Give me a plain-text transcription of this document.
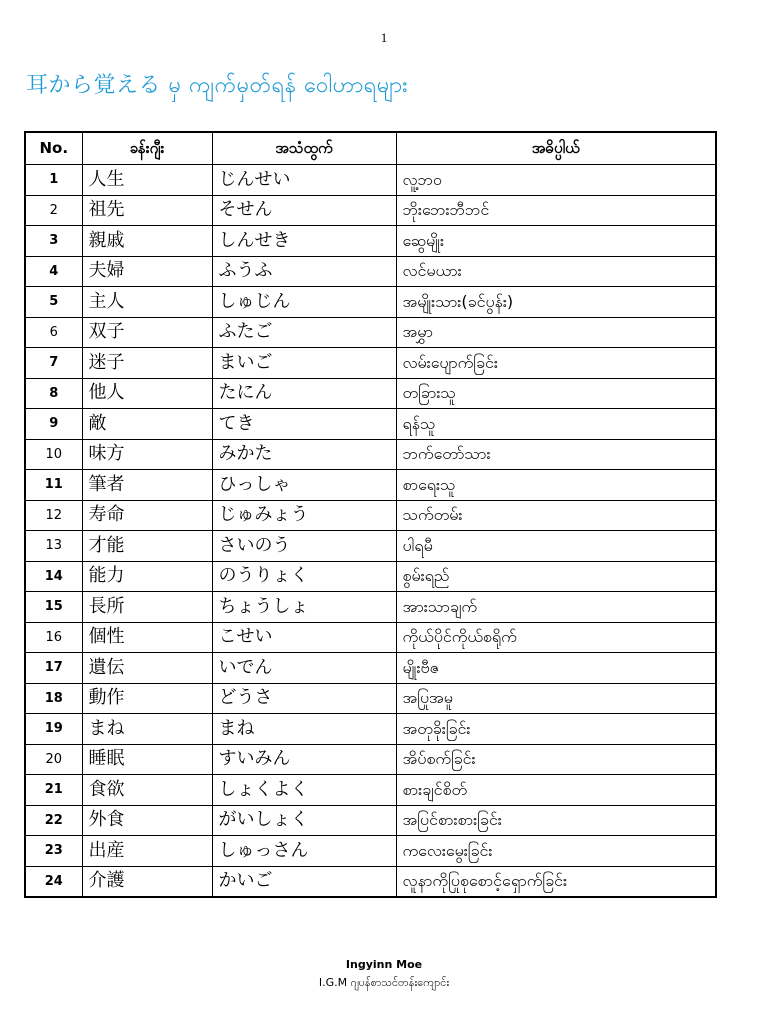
1
耳から覚える မှ ကျက်မှတ်ရန် ဝေါဟာရများ
No.	ခန်းဂျီး	အသံထွက်	အဓိပ္ပါယ်
1	人生	じんせい	လူ့ဘဝ
2	祖先	そせん	ဘိုးဘေးဘီဘင်
3	親戚	しんせき	ဆွေမျိုး
4	夫婦	ふうふ	လင်မယား
5	主人	しゅじん	အမျိုးသား(ခင်ပွန်း)
6	双子	ふたご	အမွှာ
7	迷子	まいご	လမ်းပျောက်ခြင်း
8	他人	たにん	တခြားသူ
9	敵	てき	ရန်သူ
10	味方	みかた	ဘက်တော်သား
11	筆者	ひっしゃ	စာရေးသူ
12	寿命	じゅみょう	သက်တမ်း
13	才能	さいのう	ပါရမီ
14	能力	のうりょく	စွမ်းရည်
15	長所	ちょうしょ	အားသာချက်
16	個性	こせい	ကိုယ်ပိုင်ကိုယ်စရိုက်
17	遺伝	いでん	မျိုးဗီဇ
18	動作	どうさ	အပြုအမူ
19	まね	まね	အတုခိုးခြင်း
20	睡眠	すいみん	အိပ်စက်ခြင်း
21	食欲	しょくよく	စားချင်စိတ်
22	外食	がいしょく	အပြင်စားစားခြင်း
23	出産	しゅっさん	ကလေးမွေးခြင်း
24	介護	かいご	လူနာကိုပြုစုစောင့်ရှောက်ခြင်း
Ingyinn Moe
I.G.M ဂျပန်စာသင်တန်းကျောင်း
